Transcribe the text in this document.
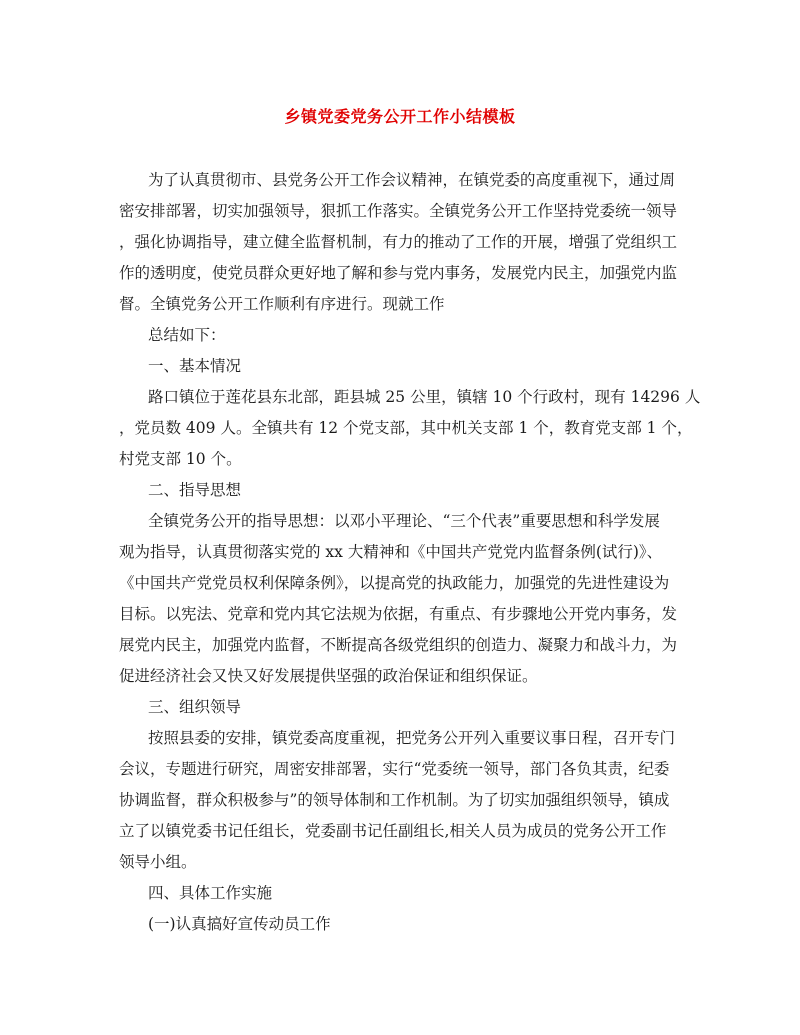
乡镇党委党务公开工作小结模板
为了认真贯彻市、县党务公开工作会议精神，在镇党委的高度重视下，通过周
密安排部署，切实加强领导，狠抓工作落实。全镇党务公开工作坚持党委统一领导
，强化协调指导，建立健全监督机制，有力的推动了工作的开展，增强了党组织工
作的透明度，使党员群众更好地了解和参与党内事务，发展党内民主，加强党内监
督。全镇党务公开工作顺利有序进行。现就工作
总结如下：
一、基本情况
路口镇位于莲花县东北部，距县城 25 公里，镇辖 10 个行政村，现有 14296 人
，党员数 409 人。全镇共有 12 个党支部，其中机关支部 1 个，教育党支部 1 个，
村党支部 10 个。
二、指导思想
全镇党务公开的指导思想：以邓小平理论、“三个代表”重要思想和科学发展
观为指导，认真贯彻落实党的 xx 大精神和《中国共产党党内监督条例(试行)》、
《中国共产党党员权利保障条例》，以提高党的执政能力，加强党的先进性建设为
目标。以宪法、党章和党内其它法规为依据，有重点、有步骤地公开党内事务，发
展党内民主，加强党内监督，不断提高各级党组织的创造力、凝聚力和战斗力，为
促进经济社会又快又好发展提供坚强的政治保证和组织保证。
三、组织领导
按照县委的安排，镇党委高度重视，把党务公开列入重要议事日程，召开专门
会议，专题进行研究，周密安排部署，实行“党委统一领导，部门各负其责，纪委
协调监督，群众积极参与”的领导体制和工作机制。为了切实加强组织领导，镇成
立了以镇党委书记任组长，党委副书记任副组长,相关人员为成员的党务公开工作
领导小组。
四、具体工作实施
(一)认真搞好宣传动员工作
